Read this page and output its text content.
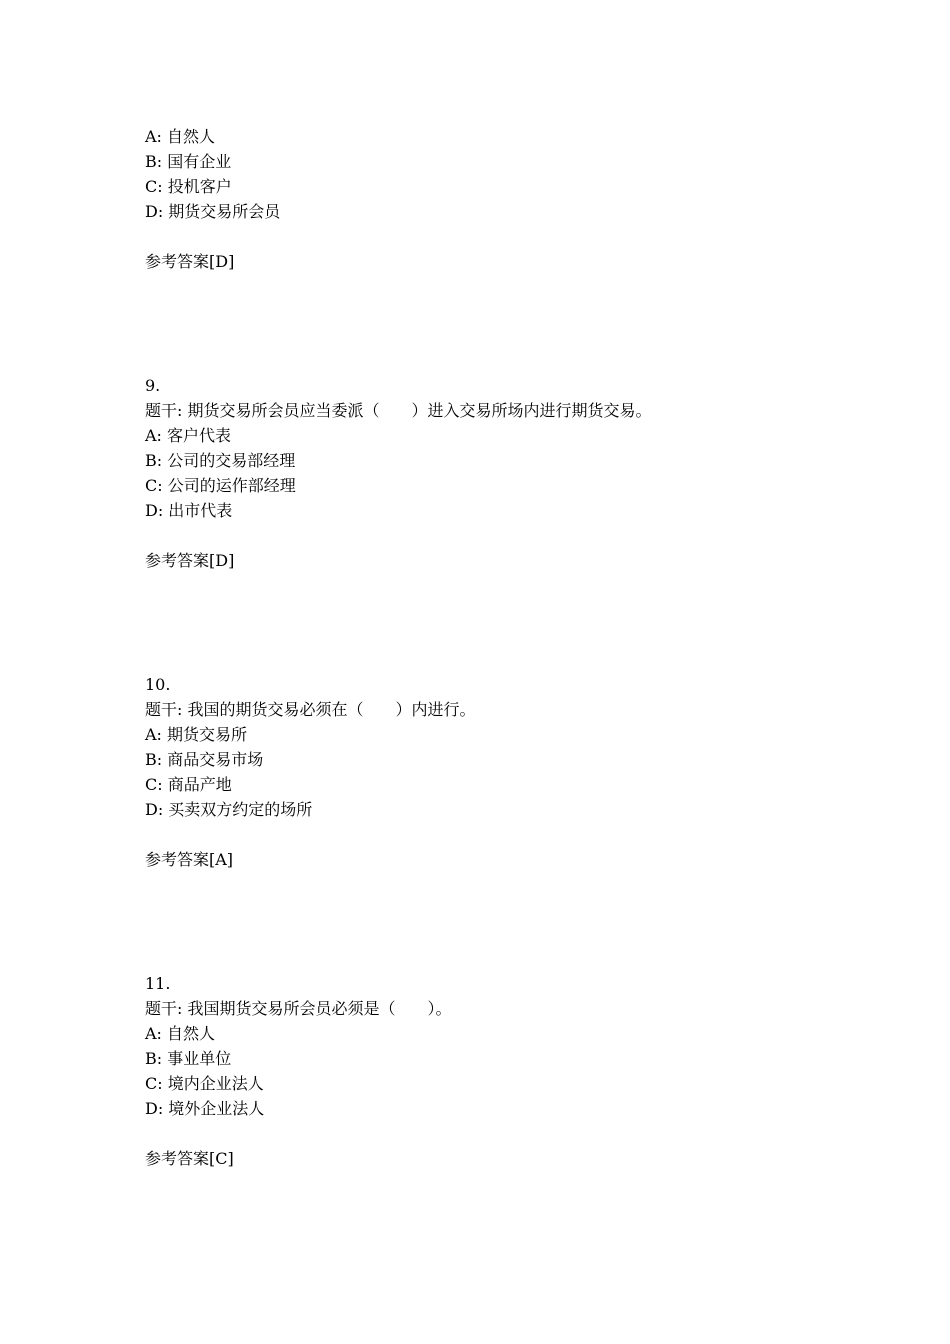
A: 自然人

B: 国有企业

C: 投机客户

D: 期货交易所会员

参考答案[D]

9.

题干: 期货交易所会员应当委派（　　）进入交易所场内进行期货交易。

A: 客户代表

B: 公司的交易部经理

C: 公司的运作部经理

D: 出市代表

参考答案[D]

10.

题干: 我国的期货交易必须在（　　）内进行。

A: 期货交易所

B: 商品交易市场

C: 商品产地

D: 买卖双方约定的场所

参考答案[A]

11.

题干: 我国期货交易所会员必须是（　　）。

A: 自然人

B: 事业单位

C: 境内企业法人

D: 境外企业法人

参考答案[C]
